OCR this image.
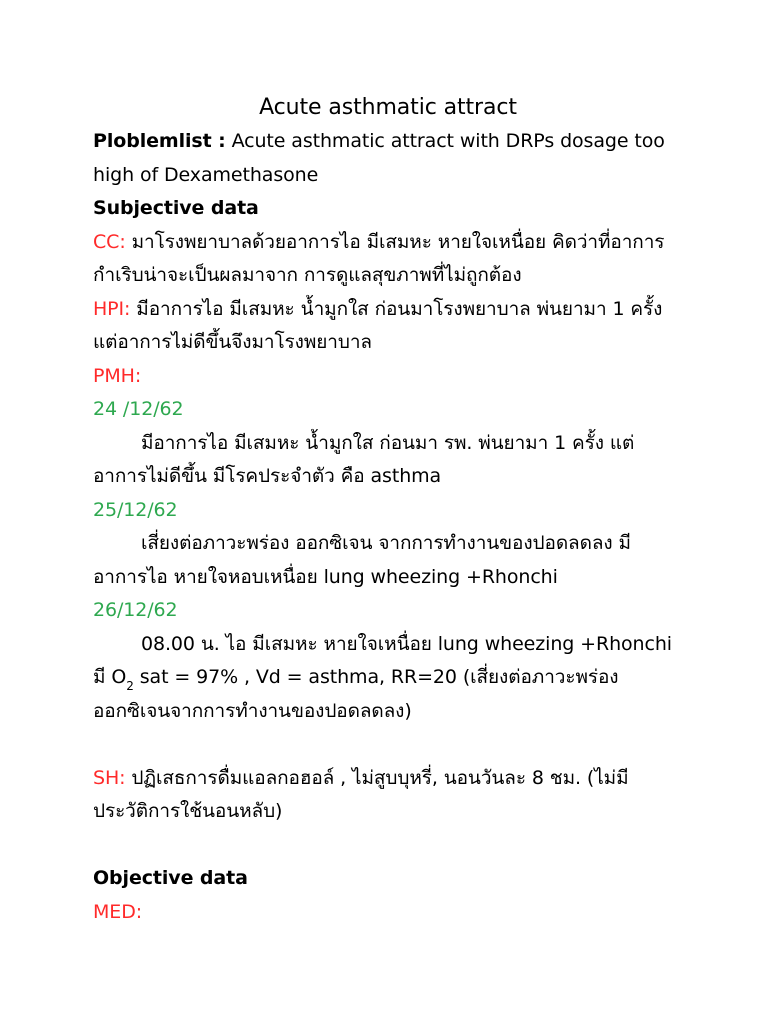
Acute asthmatic attract

Ploblemlist : Acute asthmatic attract with DRPs dosage too

high of Dexamethasone

Subjective data

CC: มาโรงพยาบาลด้วยอาการไอ มีเสมหะ หายใจเหนื่อย คิดว่าที่อาการ

กำเริบน่าจะเป็นผลมาจาก การดูแลสุขภาพที่ไม่ถูกต้อง

HPI: มีอาการไอ มีเสมหะ น้ำมูกใส ก่อนมาโรงพยาบาล พ่นยามา 1 ครั้ง

แต่อาการไม่ดีขึ้นจึงมาโรงพยาบาล

PMH:

24 /12/62

มีอาการไอ มีเสมหะ น้ำมูกใส ก่อนมา รพ. พ่นยามา 1 ครั้ง แต่

อาการไม่ดีขึ้น มีโรคประจำตัว คือ asthma

25/12/62

เสี่ยงต่อภาวะพร่อง ออกซิเจน จากการทำงานของปอดลดลง มี

อาการไอ หายใจหอบเหนื่อย lung wheezing +Rhonchi

26/12/62

08.00 น. ไอ มีเสมหะ หายใจเหนื่อย lung wheezing +Rhonchi

มี $O_2$ sat = 97% , Vd = asthma, RR=20 (เสี่ยงต่อภาวะพร่อง

ออกซิเจนจากการทำงานของปอดลดลง)

SH: ปฏิเสธการดื่มแอลกอฮอล์ , ไม่สูบบุหรี่, นอนวันละ 8 ชม. (ไม่มี

ประวัติการใช้นอนหลับ)

Objective data

MED:
